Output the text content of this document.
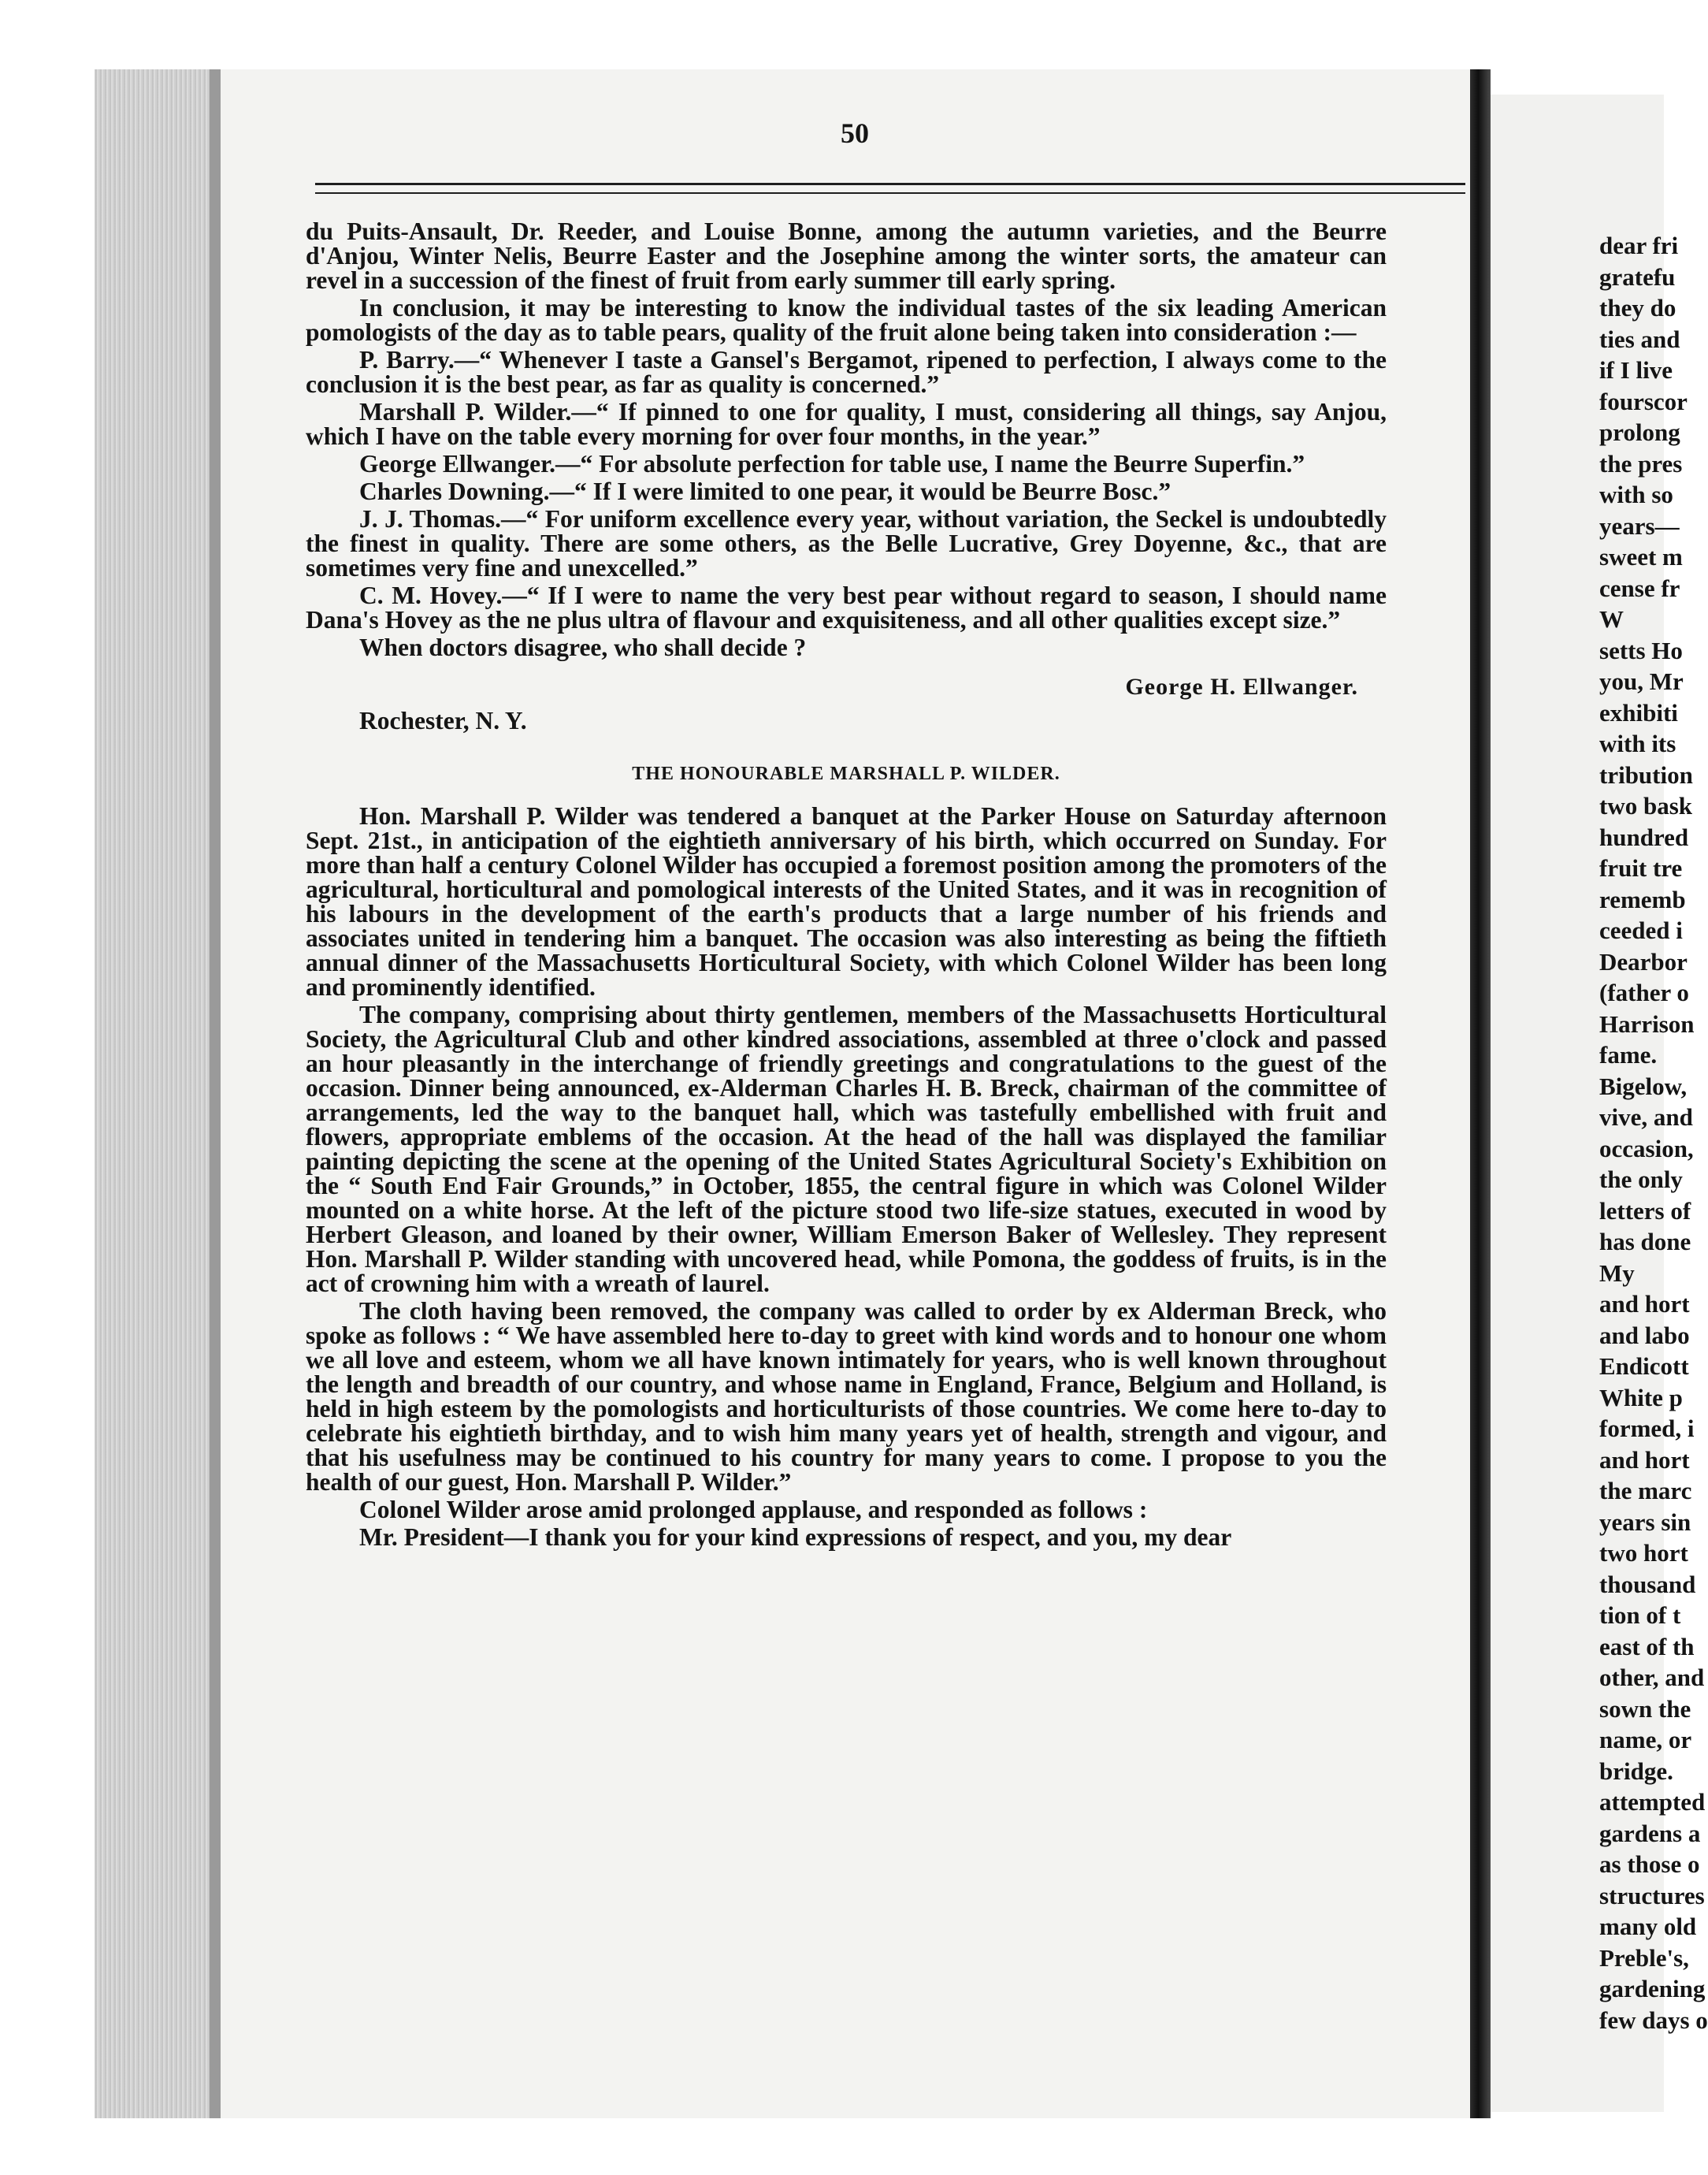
50

du Puits-Ansault, Dr. Reeder, and Louise Bonne, among the autumn varieties, and the Beurre d'Anjou, Winter Nelis, Beurre Easter and the Josephine among the winter sorts, the amateur can revel in a succession of the finest of fruit from early summer till early spring.

In conclusion, it may be interesting to know the individual tastes of the six leading American pomologists of the day as to table pears, quality of the fruit alone being taken into consideration :—

P. Barry.—“ Whenever I taste a Gansel's Bergamot, ripened to perfection, I always come to the conclusion it is the best pear, as far as quality is concerned.”

Marshall P. Wilder.—“ If pinned to one for quality, I must, considering all things, say Anjou, which I have on the table every morning for over four months, in the year.”

George Ellwanger.—“ For absolute perfection for table use, I name the Beurre Superfin.”

Charles Downing.—“ If I were limited to one pear, it would be Beurre Bosc.”

J. J. Thomas.—“ For uniform excellence every year, without variation, the Seckel is undoubtedly the finest in quality. There are some others, as the Belle Lucrative, Grey Doyenne, &c., that are sometimes very fine and unexcelled.”

C. M. Hovey.—“ If I were to name the very best pear without regard to season, I should name Dana's Hovey as the ne plus ultra of flavour and exquisiteness, and all other qualities except size.”

When doctors disagree, who shall decide ?

George H. Ellwanger.
Rochester, N. Y.
THE HONOURABLE MARSHALL P. WILDER.

Hon. Marshall P. Wilder was tendered a banquet at the Parker House on Saturday afternoon Sept. 21st., in anticipation of the eightieth anniversary of his birth, which occurred on Sunday. For more than half a century Colonel Wilder has occupied a foremost position among the promoters of the agricultural, horticultural and pomological interests of the United States, and it was in recognition of his labours in the development of the earth's products that a large number of his friends and associates united in tendering him a banquet. The occasion was also interesting as being the fiftieth annual dinner of the Massachusetts Horticultural Society, with which Colonel Wilder has been long and prominently identified.

The company, comprising about thirty gentlemen, members of the Massachusetts Horticultural Society, the Agricultural Club and other kindred associations, assembled at three o'clock and passed an hour pleasantly in the interchange of friendly greetings and congratulations to the guest of the occasion. Dinner being announced, ex-Alderman Charles H. B. Breck, chairman of the committee of arrangements, led the way to the banquet hall, which was tastefully embellished with fruit and flowers, appropriate emblems of the occasion. At the head of the hall was displayed the familiar painting depicting the scene at the opening of the United States Agricultural Society's Exhibition on the “ South End Fair Grounds,” in October, 1855, the central figure in which was Colonel Wilder mounted on a white horse. At the left of the picture stood two life-size statues, executed in wood by Herbert Gleason, and loaned by their owner, William Emerson Baker of Wellesley. They represent Hon. Marshall P. Wilder standing with uncovered head, while Pomona, the goddess of fruits, is in the act of crowning him with a wreath of laurel.

The cloth having been removed, the company was called to order by ex Alderman Breck, who spoke as follows : “ We have assembled here to-day to greet with kind words and to honour one whom we all love and esteem, whom we all have known intimately for years, who is well known throughout the length and breadth of our country, and whose name in England, France, Belgium and Holland, is held in high esteem by the pomologists and horticulturists of those countries. We come here to-day to celebrate his eightieth birthday, and to wish him many years yet of health, strength and vigour, and that his usefulness may be continued to his country for many years to come. I propose to you the health of our guest, Hon. Marshall P. Wilder.”

Colonel Wilder arose amid prolonged applause, and responded as follows :

Mr. President—I thank you for your kind expressions of respect, and you, my dear

dear fri
gratefu
they do
ties and
if I live
fourscor
prolong
the pres
with so
years—
sweet m
cense fr
W
setts Ho
you, Mr
exhibiti
with its
tribution
two bask
hundred
fruit tre
rememb
ceeded i
Dearbor
(father o
Harrison
fame.
Bigelow,
vive, and
occasion,
the only
letters of
has done
My
and hort
and labo
Endicott
White p
formed, i
and hort
the marc
years sin
two hort
thousand
tion of t
east of th
other, and
sown the
name, or
bridge.
attempted
gardens a
as those o
structures
many old
Preble's,
gardening
few days o
